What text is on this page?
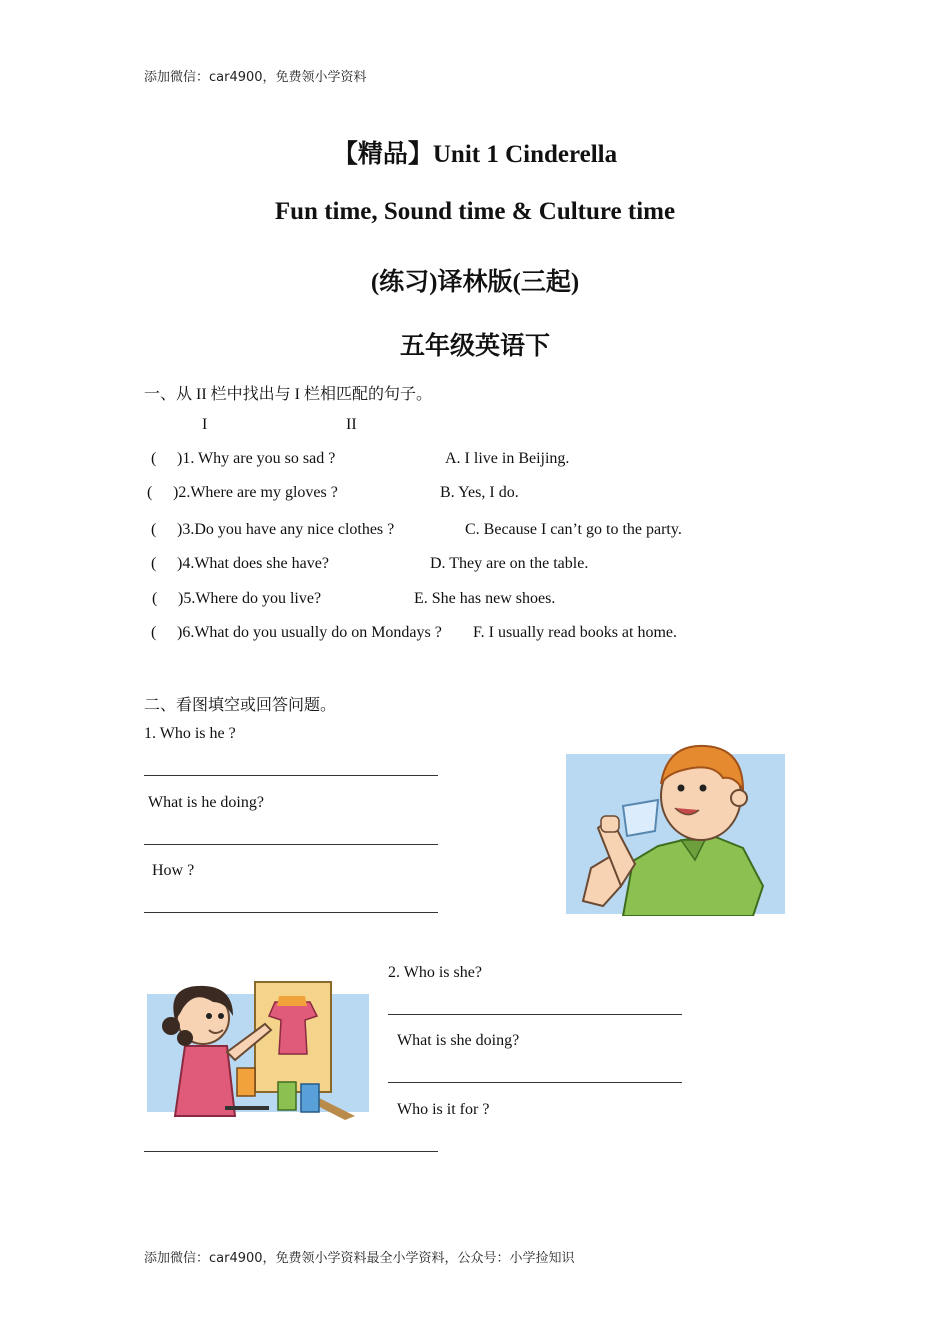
添加微信：car4900，免费领小学资料
【精品】Unit 1 Cinderella
Fun time, Sound time & Culture time
(练习)译林版(三起)
五年级英语下
一、从 II 栏中找出与 I 栏相匹配的句子。
I	II
( )1. Why are you so sad ?	A. I live in Beijing.
( )2.Where are my gloves ?	B. Yes, I do.
( )3.Do you have any nice clothes ?	C. Because I can’t go to the party.
( )4.What does she have?	D. They are on the table.
( )5.Where do you live?	E. She has new shoes.
( )6.What do you usually do on Mondays ? F. I usually read books at home.
二、看图填空或回答问题。
1. Who is he ?
What is he doing?
How ?
2. Who is she?
What is she doing?
Who is it for ?
添加微信：car4900，免费领小学资料最全小学资料，公众号：小学捡知识
